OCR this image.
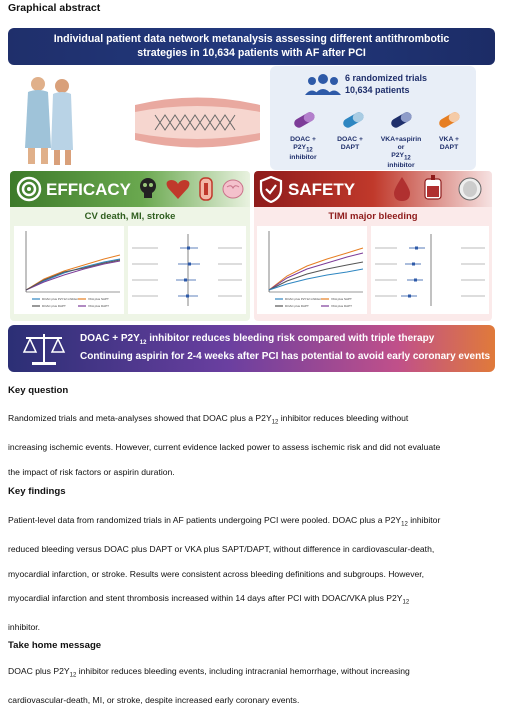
Graphical abstract
Individual patient data network metanalysis assessing different antithrombotic
strategies in 10,634 patients with AF after PCI
6 randomized trials
10,634 patients
DOAC +
$P2Y_{12}$ inhibitor
DOAC +
DAPT
VKA+aspirin
or
$P2Y_{12}$
inhibitor
VKA +
DAPT
EFFICACY
CV death, MI, stroke
DOAC plus P2Y12 inhibitor
DOAC plus DAPT
VKA plus SAPT
VKA plus DAPT
SAFETY
TIMI major bleeding
DOAC plus P2Y12 inhibitor
DOAC plus DAPT
VKA plus SAPT
VKA plus DAPT
DOAC + $P2Y_{12}$ inhibitor reduces bleeding risk compared with triple therapy
Continuing aspirin for 2-4 weeks after PCI has potential to avoid early coronary events
Key question
Randomized trials and meta-analyses showed that DOAC plus a $P2Y_{12}$ inhibitor reduces bleeding without
increasing ischemic events. However, current evidence lacked power to assess ischemic risk and did not evaluate
the impact of risk factors or aspirin duration.
Key findings
Patient-level data from randomized trials in AF patients undergoing PCI were pooled. DOAC plus a $P2Y_{12}$ inhibitor
reduced bleeding versus DOAC plus DAPT or VKA plus SAPT/DAPT, without difference in cardiovascular-death,
myocardial infarction, or stroke. Results were consistent across bleeding definitions and subgroups. However,
myocardial infarction and stent thrombosis increased within 14 days after PCI with DOAC/VKA plus $P2Y_{12}$
inhibitor.
Take home message
DOAC plus $P2Y_{12}$ inhibitor reduces bleeding events, including intracranial hemorrhage, without increasing
cardiovascular-death, MI, or stroke, despite increased early coronary events.
